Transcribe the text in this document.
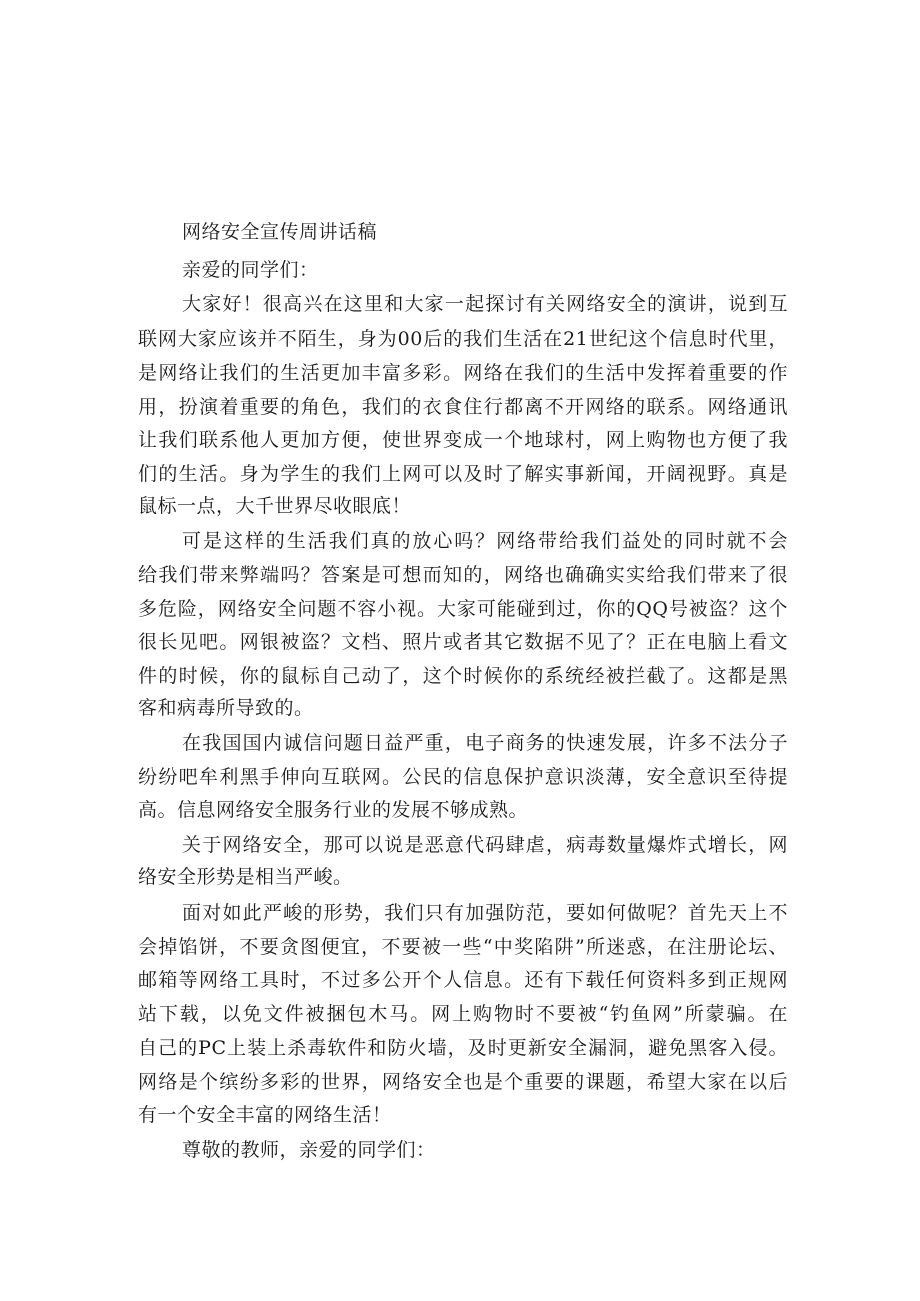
网络安全宣传周讲话稿
亲爱的同学们：
大家好！很高兴在这里和大家一起探讨有关网络安全的演讲，说到互
联网大家应该并不陌生，身为00后的我们生活在21世纪这个信息时代里，
是网络让我们的生活更加丰富多彩。网络在我们的生活中发挥着重要的作
用，扮演着重要的角色，我们的衣食住行都离不开网络的联系。网络通讯
让我们联系他人更加方便，使世界变成一个地球村，网上购物也方便了我
们的生活。身为学生的我们上网可以及时了解实事新闻，开阔视野。真是
鼠标一点，大千世界尽收眼底！
可是这样的生活我们真的放心吗？网络带给我们益处的同时就不会
给我们带来弊端吗？答案是可想而知的，网络也确确实实给我们带来了很
多危险，网络安全问题不容小视。大家可能碰到过，你的QQ号被盗？这个
很长见吧。网银被盗？文档、照片或者其它数据不见了？正在电脑上看文
件的时候，你的鼠标自己动了，这个时候你的系统经被拦截了。这都是黑
客和病毒所导致的。
在我国国内诚信问题日益严重，电子商务的快速发展，许多不法分子
纷纷吧牟利黑手伸向互联网。公民的信息保护意识淡薄，安全意识至待提
高。信息网络安全服务行业的发展不够成熟。
关于网络安全，那可以说是恶意代码肆虐，病毒数量爆炸式增长，网
络安全形势是相当严峻。
面对如此严峻的形势，我们只有加强防范，要如何做呢？首先天上不
会掉馅饼，不要贪图便宜，不要被一些“中奖陷阱”所迷惑，在注册论坛、
邮箱等网络工具时，不过多公开个人信息。还有下载任何资料多到正规网
站下载，以免文件被捆包木马。网上购物时不要被“钓鱼网”所蒙骗。在
自己的PC上装上杀毒软件和防火墙，及时更新安全漏洞，避免黑客入侵。
网络是个缤纷多彩的世界，网络安全也是个重要的课题，希望大家在以后
有一个安全丰富的网络生活！
尊敬的教师，亲爱的同学们：
